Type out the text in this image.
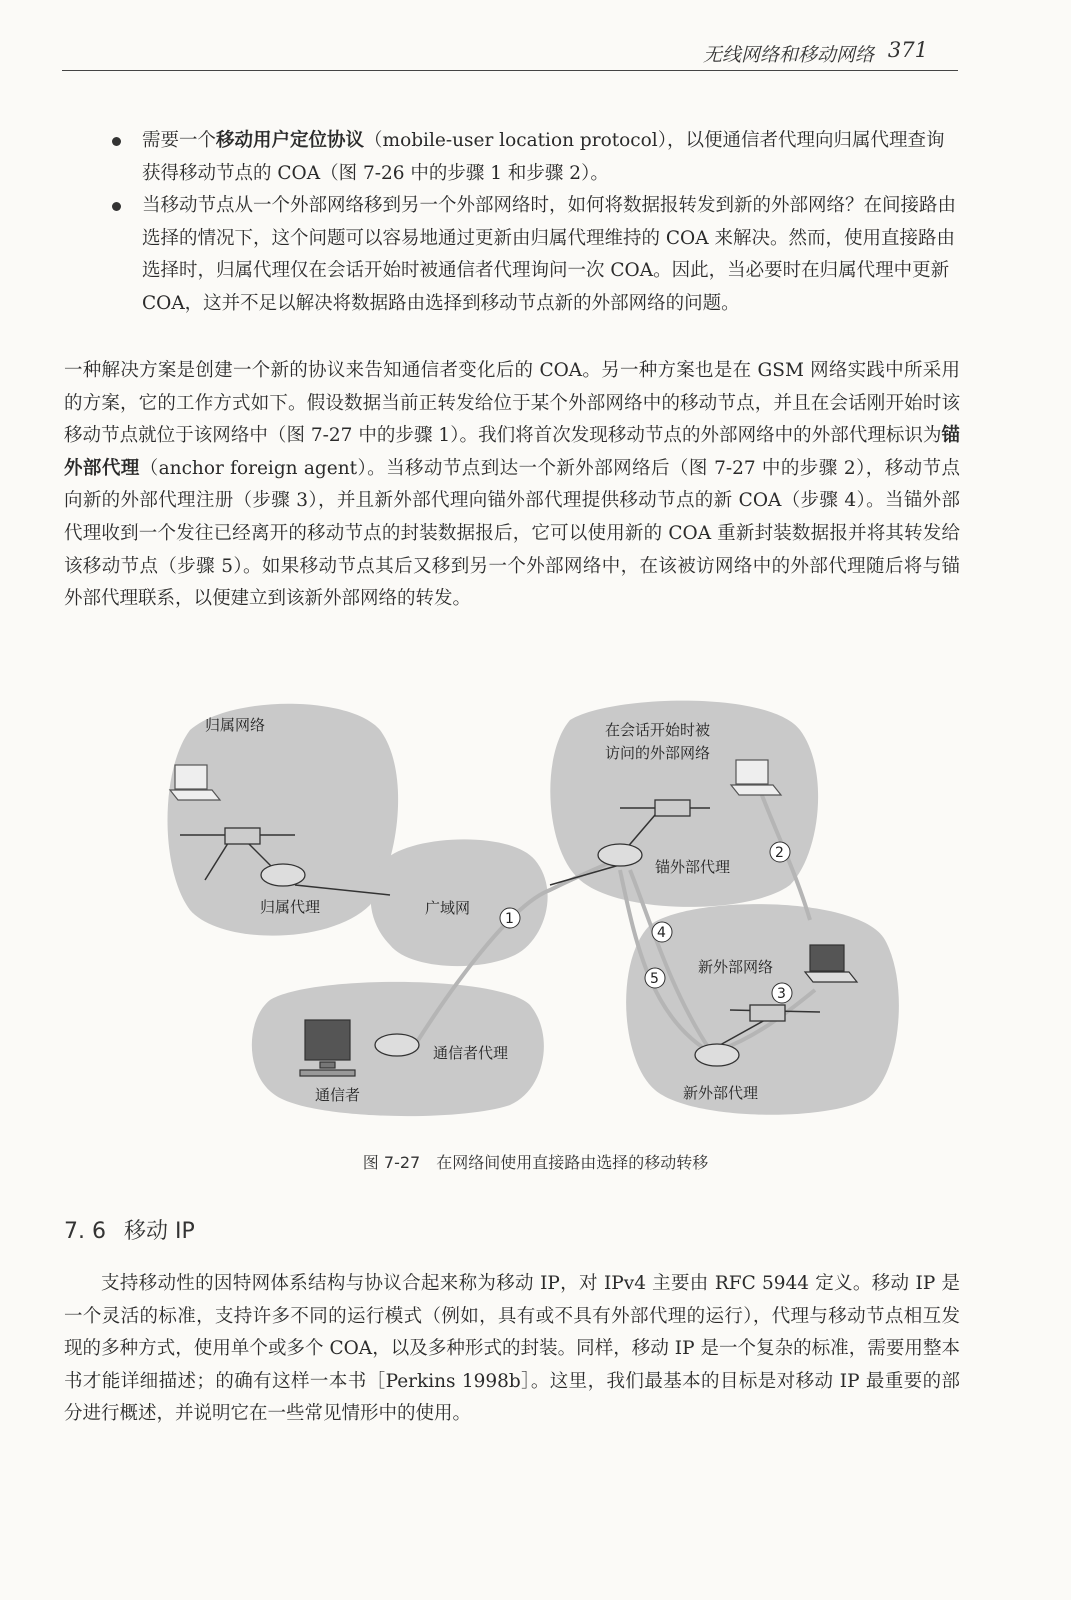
无线网络和移动网络 371
需要一个移动用户定位协议（mobile-user location protocol），以便通信者代理向归属代理查询获得移动节点的 COA（图 7-26 中的步骤 1 和步骤 2）。
当移动节点从一个外部网络移到另一个外部网络时，如何将数据报转发到新的外部网络？在间接路由选择的情况下，这个问题可以容易地通过更新由归属代理维持的 COA 来解决。然而，使用直接路由选择时，归属代理仅在会话开始时被通信者代理询问一次 COA。因此，当必要时在归属代理中更新 COA，这并不足以解决将数据路由选择到移动节点新的外部网络的问题。
一种解决方案是创建一个新的协议来告知通信者变化后的 COA。另一种方案也是在 GSM 网络实践中所采用的方案，它的工作方式如下。假设数据当前正转发给位于某个外部网络中的移动节点，并且在会话刚开始时该移动节点就位于该网络中（图 7-27 中的步骤 1）。我们将首次发现移动节点的外部网络中的外部代理标识为锚外部代理（anchor foreign agent）。当移动节点到达一个新外部网络后（图 7-27 中的步骤 2），移动节点向新的外部代理注册（步骤 3），并且新外部代理向锚外部代理提供移动节点的新 COA（步骤 4）。当锚外部代理收到一个发往已经离开的移动节点的封装数据报后，它可以使用新的 COA 重新封装数据报并将其转发给该移动节点（步骤 5）。如果移动节点其后又移到另一个外部网络中，在该被访网络中的外部代理随后将与锚外部代理联系，以便建立到该新外部网络的转发。
归属网络
归属代理	广域网
在会话开始时被
访问的外部网络
锚外部代理
新外部网络
新外部代理
通信者代理
通信者
1
2
3
4
5
图 7-27　在网络间使用直接路由选择的移动转移
7. 6 移动 IP
支持移动性的因特网体系结构与协议合起来称为移动 IP，对 IPv4 主要由 RFC 5944 定义。移动 IP 是一个灵活的标准，支持许多不同的运行模式（例如，具有或不具有外部代理的运行），代理与移动节点相互发现的多种方式，使用单个或多个 COA，以及多种形式的封装。同样，移动 IP 是一个复杂的标准，需要用整本书才能详细描述；的确有这样一本书［Perkins 1998b］。这里，我们最基本的目标是对移动 IP 最重要的部分进行概述，并说明它在一些常见情形中的使用。
